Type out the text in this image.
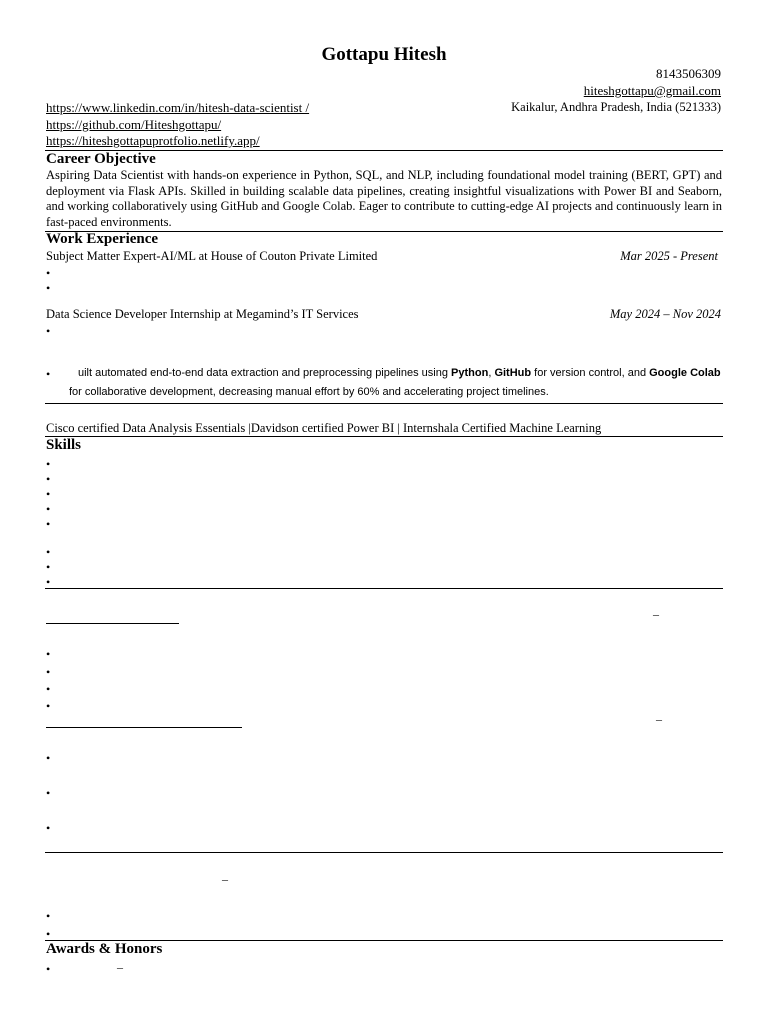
Gottapu Hitesh
8143506309
hiteshgottapu@gmail.com
Kaikalur, Andhra Pradesh, India (521333)
https://www.linkedin.com/in/hitesh-data-scientist /
https://github.com/Hiteshgottapu/
https://hiteshgottapuprotfolio.netlify.app/
Career Objective
Aspiring Data Scientist with hands-on experience in Python, SQL, and NLP, including foundational model training (BERT, GPT) and deployment via Flask APIs. Skilled in building scalable data pipelines, creating insightful visualizations with Power BI and Seaborn, and working collaboratively using GitHub and Google Colab. Eager to contribute to cutting-edge AI projects and continuously learn in fast-paced environments.
Work Experience
Subject Matter Expert-AI/ML at House of Couton Private Limited	Mar 2025 - Present
•
•
Data Science Developer Internship at Megamind’s IT Services	May 2024 – Nov 2024
•
•	uilt automated end-to-end data extraction and preprocessing pipelines using Python, GitHub for version control, and Google Colab for collaborative development, decreasing manual effort by 60% and accelerating project timelines.
Cisco certified Data Analysis Essentials |Davidson certified Power BI | Internshala Certified Machine Learning
Skills
•
•
•
•
•
•
•
•
–
•
•
•
•
–
•
•
•
–
•
•
Awards & Honors
•	–
